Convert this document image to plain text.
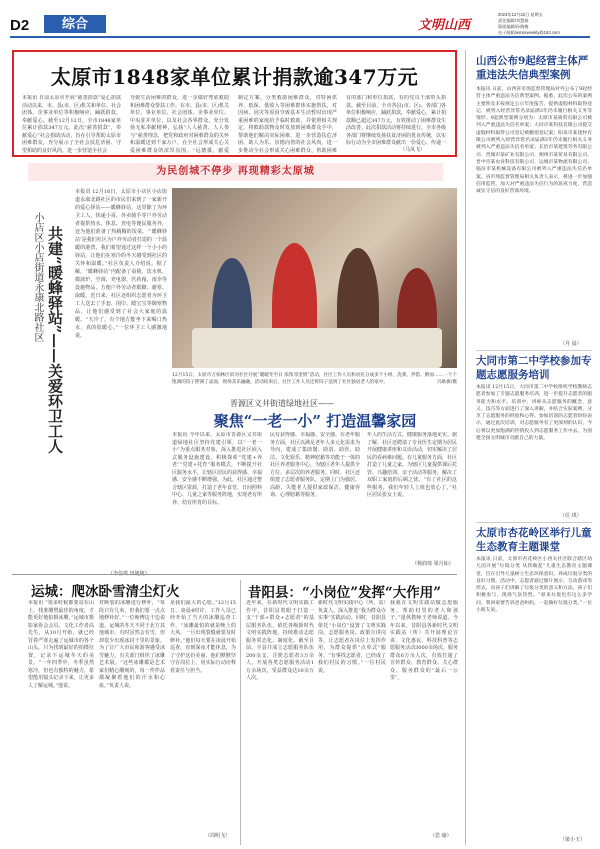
D2	综合	文明山西
2023年12月22日 星期五
责任编辑/刘慧娟
版面编辑/孙晓梅
电子邮箱/wmsxweekly@163.com
太原市1848家单位累计捐款逾347万元
本报讯 日前太原市开展“慈善捐款”爱心捐款活动以来，市、县(市、区)机关和单位、社会团体、企事业单位等积极响应、踊跃捐款，奉献爱心。截至12月12日，全市1848家单位累计捐款347万元。此次“慈善捐款”，奉献爱心“社会捐助活动，旨在引导帮助太原市困难群众，充分展示了全社会扶危济困、守望相助的良好风尚，进一步营造全社会
导致生活困难的群众，进一步做好兜底救助和困难群众帮扶工作。在市、县(市、区)机关单位、事业单位、社会团体、企事业单位、中央驻并单位，以及社会各界群众，充分发扬无私奉献精神，弘扬“人人慈善、人人参与”慈善理念，把党和政府对困难群众的关怀和温暖送到千家万户，在全社会形成关心关爱困难群众的浓厚氛围。“远德援，献爱
制定方案，分类救助困难群众，对特困供养、低保、低收入等困难群体实施帮扶，对因病、因灾等原因导致基本生活暂时出现严重困难的家庭给予临时救助，并依照相关规定，将救助款物及时发放到困难群众手中，帮助他们解决实际困难，进一步营造扶危济困、助人为乐、崇德向善的社会风尚。进一步推动全社会形成关心困难群众、帮助困难
有的部门和单位捐款，有的党员干部带头捐款。截至目前，全市各县(市、区)、各部门各单位积极响应，踊跃捐款，奉献爱心，累计捐款额已超过347万元，有效推动了困难群众生活改善。此次捐款活动将持续进行，全市各级各部门将继续发扬扶贫济困的优良传统，以实际行动为全市困难群众献出一份爱心、传递一
（马凤飞）
为民创城不停步 再现精彩太原城
小店区小店街道永康北路社区 共建“暖蜂驿站”——关爱环卫工人
本报讯 12月16日，太原市小店区小店街道永康北路社区的市民们来到了一家新开的爱心驿站——暖蜂驿站，这里除了为环卫工人、快递小哥、外卖骑手等户外劳动者提供热水、休息、充电等便民服务外，还为他们准备了热腾腾的饭菜。“‘暖蜂驿站’是我们社区为户外劳动者打造的一个温暖的港湾，我们希望通过这样一个小小的驿站，让他们在寒冷的冬天感受到社区的关怀和温暖。”社区负责人介绍说。据了解，“暖蜂驿站”内配备了桌椅、饮水机、微波炉、空调、充电器、医药箱、雨伞等设施物品，方便户外劳动者歇脚、避寒、取暖。近日来，社区还组织志愿者为环卫工人送去了手套、围巾、暖宝宝等御寒物品，让他们感受到了社会大家庭的温暖。“天冷了，有个地方能坐下来喝口热水，真的很暖心。”一位环卫工人感激地说。
12月15日，太原市万柏林区滨河社区开展“暖暖冬至日 浓浓邻里情”活动，社区工作人员和居民分成多个小组，洗菜、拌馅、擀面……一个个饱满的饺子摆满了桌面，现场其乐融融。活动结束后，社区工作人员还将饺子送到了社区独居老人的家中。	冯耿旗/摄
晋源区义井街道绿地社区——
聚焦“一老一小” 打造温馨家园
本报讯 今年以来，太原市晋源区义井街道绿地社区坚持党建引领，以“一老一小”为重点服务对象，深入推进社区嵌入式服务设施建设，积极探索“党建+养老”“党建+托育”服务模式，不断提升社区服务水平，让辖区居民的获得感、幸福感、安全感不断增强。为此，社区通过整合辖区资源，打造了老年食堂、日间照料中心、儿童之家等服务阵地，实现老有所养、幼有所育的目标。
民有获得感、幸福感、安全感。在老年服务方面，社区以满足老年人多元化需求为导向，建成了集助餐、助浴、助医、助洁、文化娱乐、精神慰藉等功能于一体的社区养老服务中心，为辖区老年人提供全方位、多层次的养老服务。同时，社区还组建了志愿者服务队，定期上门为独居、高龄、失能老人提供家政保洁、健康咨询、心理慰藉等服务。
年人的生活方式。健康服务落地见实。据了解，社区还聘请了专业医生定期为居民开展健康讲座和义诊活动，切实解决了居民的看病难问题。在儿童服务方面，社区打造了儿童之家，为辖区儿童提供课后托管、兴趣培训、亲子活动等服务，解决了双职工家庭的后顾之忧。“有了社区的这些服务，我们年轻人上班也放心了。”社区居民张女士说。
（杨润琦 梁月仙）
运城：爬冰卧雪清尘灯火
本报讯 “很多时候都要站在山上，找准雕塑最佳的角度，才能更好地拍摄冰雕。”运城市摄影家协会会员、文化工作者高先生，从10月开始，就已经冒着严寒走遍了运城市的各个山头，只为找到最好的拍摄位置，记录下运城冬天的美景。“一年四季中，冬季虽然寒冷，但也有独特的魅力，希望能用镜头记录下来，让更多人了解运城。”他说。
对断裂的冰雕进行修补，“每段只有几米，但我们要一点点地修补好。”一位师傅边干边说道。运城的冬天不同于北方其他城市，有时虽然会有雪，但却很少出现冰封千里的景象。为了让广大市民和游客感受冰雪魅力，有关部门组织了冰雕艺术展。“这些冰雕都是艺术家们精心雕刻的，每一件作品都凝聚着他们的汗水和心血。”负责人说。
是我们最大的心愿。”12月15日，凌晨4时许，工作人员已经开始了当天的冰雕巡查工作。“冰雕最怕的就是晚上的大风，一旦出现裂缝就要及时修补。”他们每天要在凌晨开始巡查，直到深夜才能休息，为了守护这份美丽，他们默默坚守在岗位上，用实际行动诠释着责任与担当。
（周明飞）
昔阳县：“小岗位”发挥“大作用”
近年来，在新时代文明实践工作中，昔阳县着眼于打造一支“干部+群众+志愿者”的基层服务队伍，依托各级新时代文明实践阵地，持续推动志愿服务常态化、制度化。截至目前，全县共成立志愿服务队伍200余支，注册志愿者3万余人，开展各类志愿服务活动1万余场次，受益群众达10余万人次。
新时代文明实践中心（所、站）负责人，深入推进“我为群众办实事”实践活动。同时，昔阳县依托“小岗位”设置了文明实践岗、志愿服务岗、政策宣讲岗等，让志愿者在岗位上发挥作用，为群众提供“点单式”服务。“有事找志愿者，已经成了我们村民的习惯。”一位村民说。
我就在文明实践站做志愿服务，帮助村里的老人和孩子。”退休教师王老师说道。今年以来，昔阳县各新时代文明实践站（所）共开展理论宣讲、文化惠民、科技科普等志愿服务活动3000余场次，服务群众6万余人次，有效打通了宣传群众、教育群众、关心群众、服务群众的“最后一公里”。
（思 瑜）
山西公布9起经营主体严重违法失信典型案例
本报讯 日前，山西省市场监督管理局对外公布了9起经营主体严重违法失信典型案例。据悉，此次公布的案例主要涉及未按规定公示年度报告、提供虚假材料取得登记、被列入经营异常名录届满3年仍未履行相关义务等情形。9起典型案例分别为：太原市某商贸有限公司被列入严重违法失信名单案；大同市某科技有限公司提交虚假材料取得公司登记被撤销登记案；阳泉市某建材有限公司被列入经营异常名录届满3年仍未履行相关义务被列入严重违法失信名单案；长治市某建筑劳务有限公司、晋城市某矿业有限公司、朔州市某贸易有限公司、晋中市某农业科技有限公司、运城市某物流有限公司、临汾市某机械设备有限公司被列入严重违法失信名单案。省市场监督管理局相关负责人表示，将进一步加强信用监管，加大对严重违法失信行为的惩戒力度，营造诚实守信的良好营商环境。
（丹 晨）
大同市第二中学校参加专题志愿服务培训
本报讯 12月15日，大同市第二中学校组织学校教师志愿者参加了专题志愿服务培训，进一步提升志愿者的服务能力和水平。培训中，讲师从志愿服务的概念、意义、技巧等方面进行了深入讲解，并结合实际案例，分享了志愿服务的经验和心得。参加培训的志愿者纷纷表示，通过此次培训，对志愿服务有了更深刻的认识，今后将以更加饱满的热情投入到志愿服务工作中去，为创建全国文明城市贡献自己的力量。
（任 琪）
太原市杏花岭区举行儿童生态教育主题课堂
本报讯 日前，太原市杏花岭区小西关社区联合辖区幼儿园开展“垃圾分类 从我做起”儿童生态教育主题课堂，旨在引导儿童树立生态环保意识，养成垃圾分类的良好习惯。活动中，志愿者通过图片展示、互动游戏等形式，向孩子们讲解了垃圾分类的意义和方法，孩子们积极参与，现场气氛热烈。“原来垃圾也有这么多学问，我回家要告诉爸爸妈妈，一起做好垃圾分类。”一位小朋友说。
（梁小玉）
